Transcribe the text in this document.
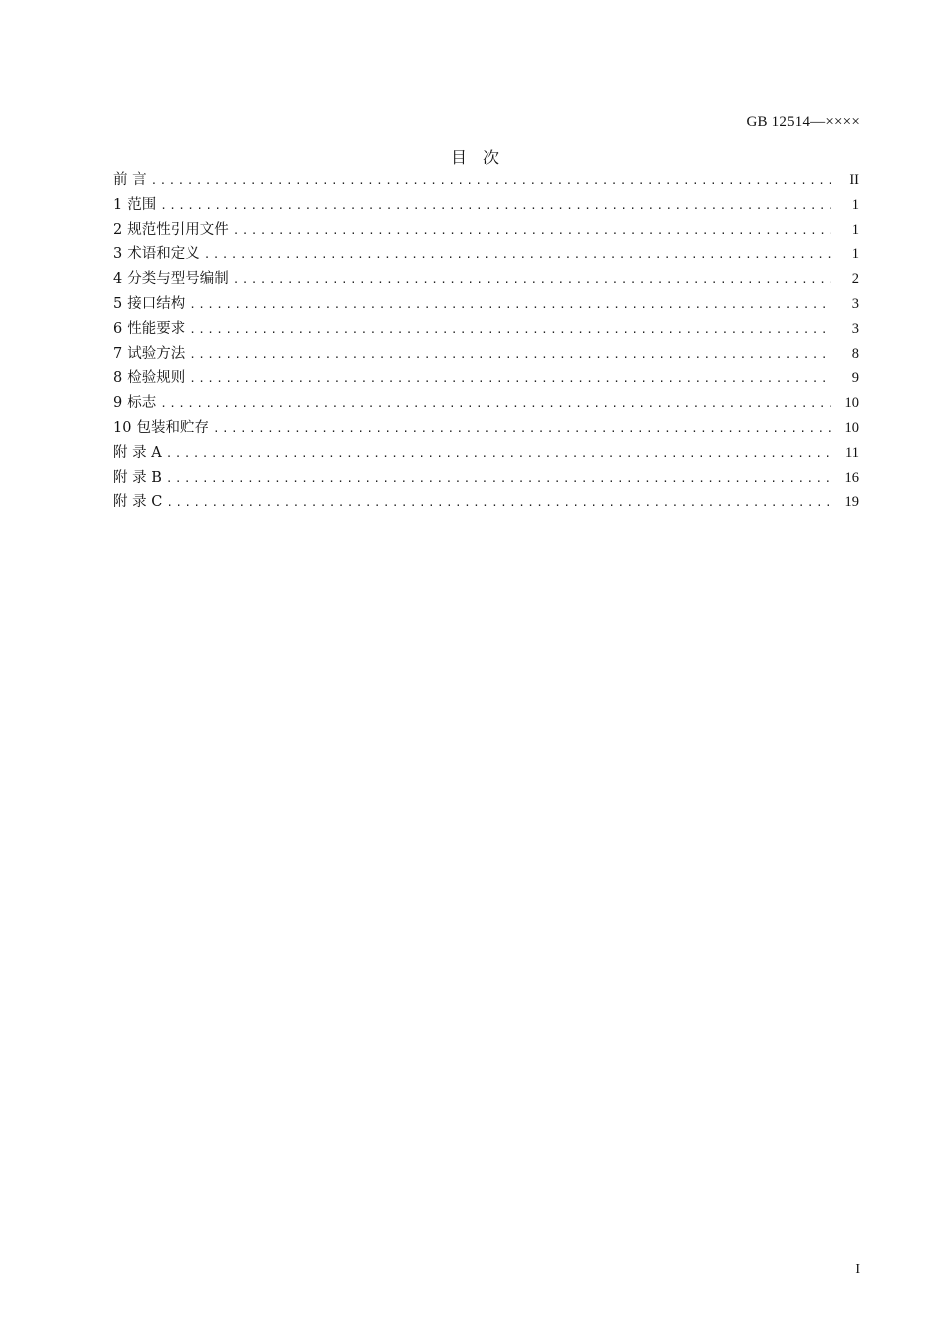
GB 12514—××××
目　次
前 言 .....	II
1 范围 .....	1
2 规范性引用文件 .....	1
3 术语和定义 .....	1
4 分类与型号编制 .....	2
5 接口结构 .....	3
6 性能要求 .....	3
7 试验方法 .....	8
8 检验规则 .....	9
9 标志 .....	10
10 包装和贮存 .....	10
附 录 A .....	11
附 录 B .....	16
附 录 C .....	19
I
